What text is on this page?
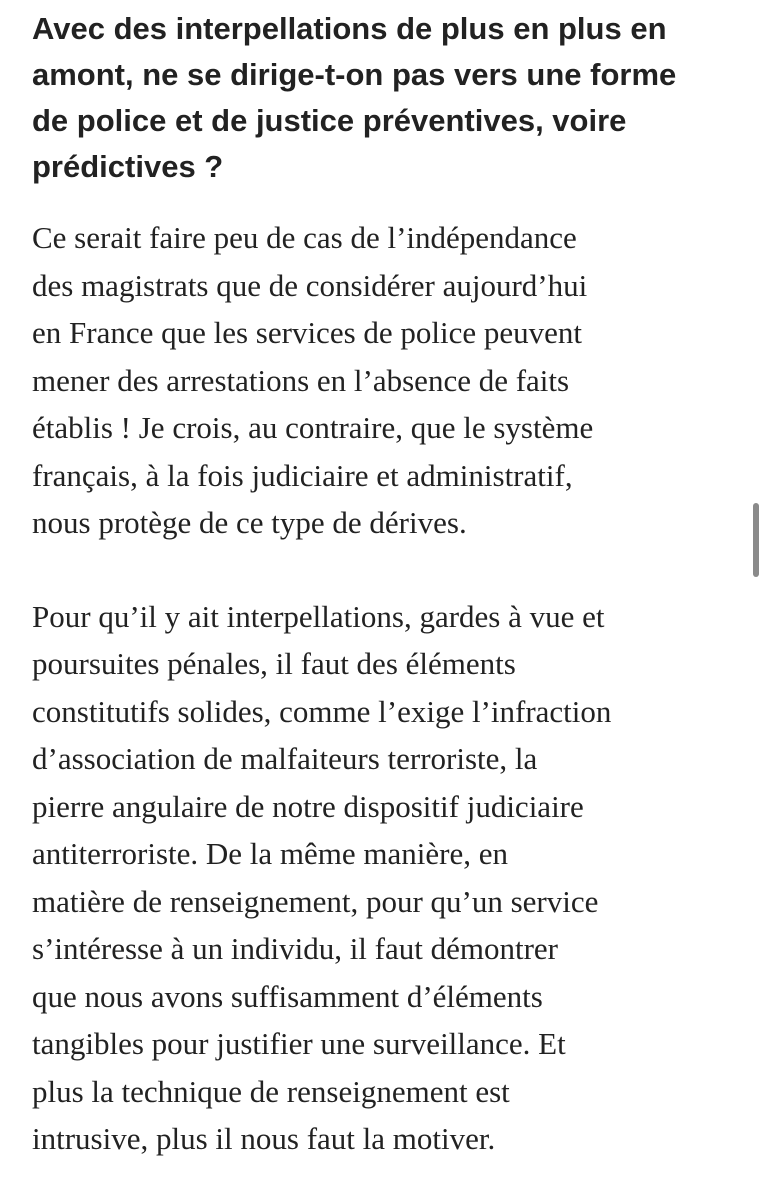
Avec des interpellations de plus en plus en
amont, ne se dirige-t-on pas vers une forme
de police et de justice préventives, voire
prédictives ?

Ce serait faire peu de cas de l’indépendance
des magistrats que de considérer aujourd’hui
en France que les services de police peuvent
mener des arrestations en l’absence de faits
établis ! Je crois, au contraire, que le système
français, à la fois judiciaire et administratif,
nous protège de ce type de dérives.

Pour qu’il y ait interpellations, gardes à vue et
poursuites pénales, il faut des éléments
constitutifs solides, comme l’exige l’infraction
d’association de malfaiteurs terroriste, la
pierre angulaire de notre dispositif judiciaire
antiterroriste. De la même manière, en
matière de renseignement, pour qu’un service
s’intéresse à un individu, il faut démontrer
que nous avons suffisamment d’éléments
tangibles pour justifier une surveillance. Et
plus la technique de renseignement est
intrusive, plus il nous faut la motiver.
